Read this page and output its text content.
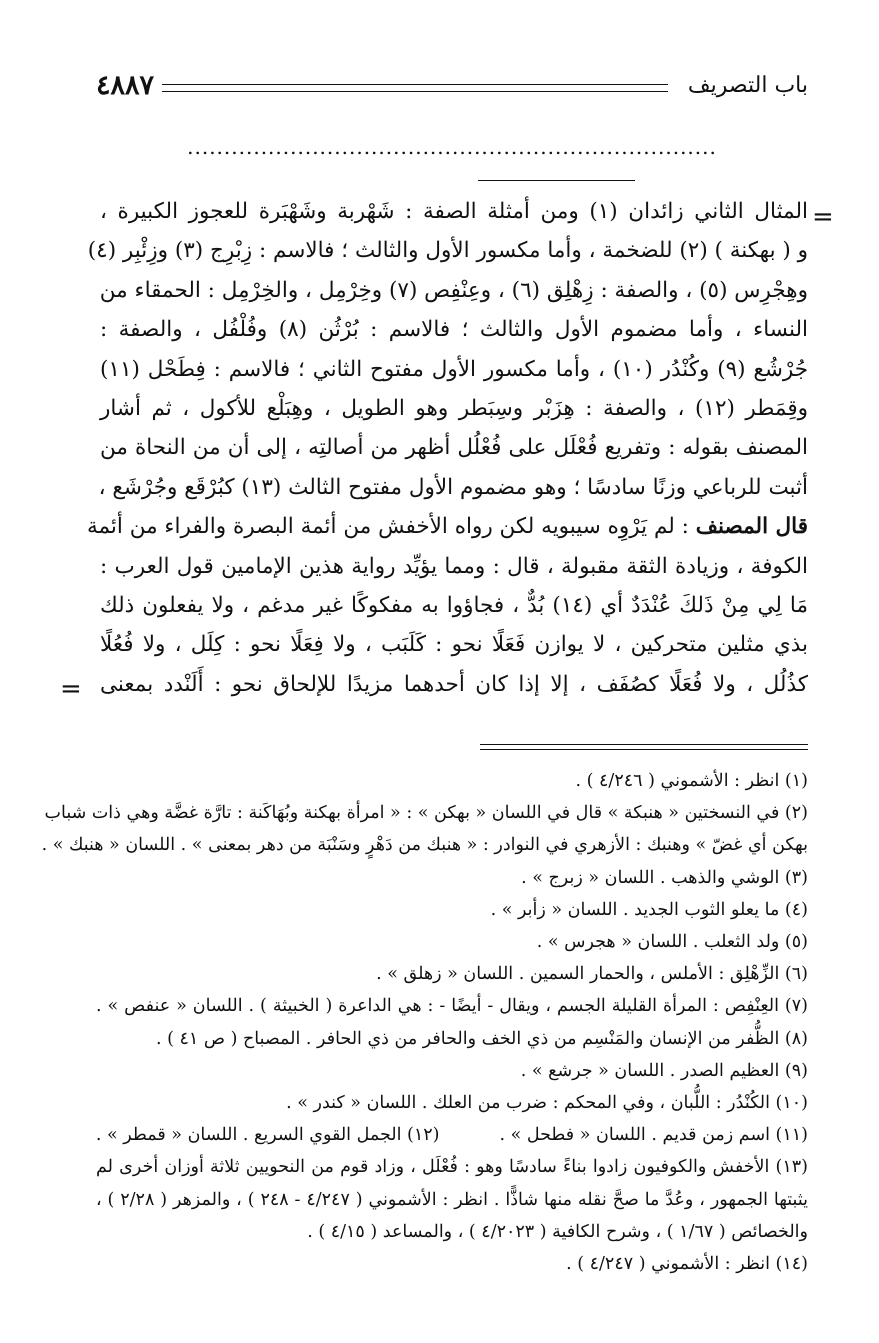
باب التصريف
٤٨٨٧
........................................................................
=
=
المثال الثاني زائدان (١) ومن أمثلة الصفة : شَهْربة وشَهْبَرة للعجوز الكبيرة ،
و ( بهكنة ) (٢) للضخمة ، وأما مكسور الأول والثالث ؛ فالاسم : زِبْرِج (٣) وزِئْبِر (٤)
وهِجْرِس (٥) ، والصفة : زِهْلِق (٦) ، وعِنْفِص (٧) وخِرْمِل ، والخِرْمِل : الحمقاء من
النساء ، وأما مضموم الأول والثالث ؛ فالاسم : بُرْثُن (٨) وفُلْفُل ، والصفة :
جُرْشُع (٩) وكُنْدُر (١٠) ، وأما مكسور الأول مفتوح الثاني ؛ فالاسم : فِطَحْل (١١)
وقِمَطر (١٢) ، والصفة : هِزَبْر وسِبَطر وهو الطويل ، وهِبَلْع للأكول ، ثم أشار
المصنف بقوله : وتفريع فُعْلَل على فُعْلُل أظهر من أصالتِه ، إلى أن من النحاة من
أثبت للرباعي وزنًا سادسًا ؛ وهو مضموم الأول مفتوح الثالث (١٣) كبُرْقَع وجُرْشَع ،
قال المصنف : لم يَرْوِه سيبويه لكن رواه الأخفش من أئمة البصرة والفراء من أئمة
الكوفة ، وزيادة الثقة مقبولة ، قال : ومما يؤيِّد رواية هذين الإمامين قول العرب :
مَا لِي مِنْ ذَلكَ عُنْدَدٌ أي (١٤) بُدٌّ ، فجاؤوا به مفكوكًا غير مدغم ، ولا يفعلون ذلك
بذي مثلين متحركين ، لا يوازن فَعَلًا نحو : كَلَبَب ، ولا فِعَلًا نحو : كِلَل ، ولا فُعُلًا
كذُلُل ، ولا فُعَلًا كصُفَف ، إلا إذا كان أحدهما مزيدًا للإلحاق نحو : أَلَنْدد بمعنى
(١) انظر : الأشموني ( ٤/٢٤٦ ) .
(٢) في النسختين « هنبكة » قال في اللسان « بهكن » : « امرأة بهكنة وبُهَاكَنة : تارَّة غضَّة وهي ذات شباب
بهكن أي غضّ » وهنبك : الأزهري في النوادر : « هنبك من دَهْرٍ وسَنْبَة من دهر بمعنى » . اللسان « هنبك » .
(٣) الوشي والذهب . اللسان « زبرج » .
(٤) ما يعلو الثوب الجديد . اللسان « زأبر » .
(٥) ولد الثعلب . اللسان « هجرس » .
(٦) الزِّهْلِق : الأملس ، والحمار السمين . اللسان « زهلق » .
(٧) العِنْفِص : المرأة القليلة الجسم ، ويقال - أيضًا - : هي الداعرة ( الخبيثة ) . اللسان « عنفص » .
(٨) الظُّفر من الإنسان والمَنْسِم من ذي الخف والحافر من ذي الحافر . المصباح ( ص ٤١ ) .
(٩) العظيم الصدر . اللسان « جرشع » .
(١٠) الكُنْدُر : اللُّبان ، وفي المحكم : ضرب من العلك . اللسان « كندر » .
(١١) اسم زمن قديم . اللسان « فطحل » .
(١٢) الجمل القوي السريع . اللسان « قمطر » .
(١٣) الأخفش والكوفيون زادوا بناءً سادسًا وهو : فُعْلَل ، وزاد قوم من النحويين ثلاثة أوزان أخرى لم
يثبتها الجمهور ، وعُدَّ ما صحَّ نقله منها شاذًّا . انظر : الأشموني ( ٤/٢٤٧ - ٢٤٨ ) ، والمزهر ( ٢/٢٨ ) ،
والخصائص ( ١/٦٧ ) ، وشرح الكافية ( ٤/٢٠٢٣ ) ، والمساعد ( ٤/١٥ ) .
(١٤) انظر : الأشموني ( ٤/٢٤٧ ) .
